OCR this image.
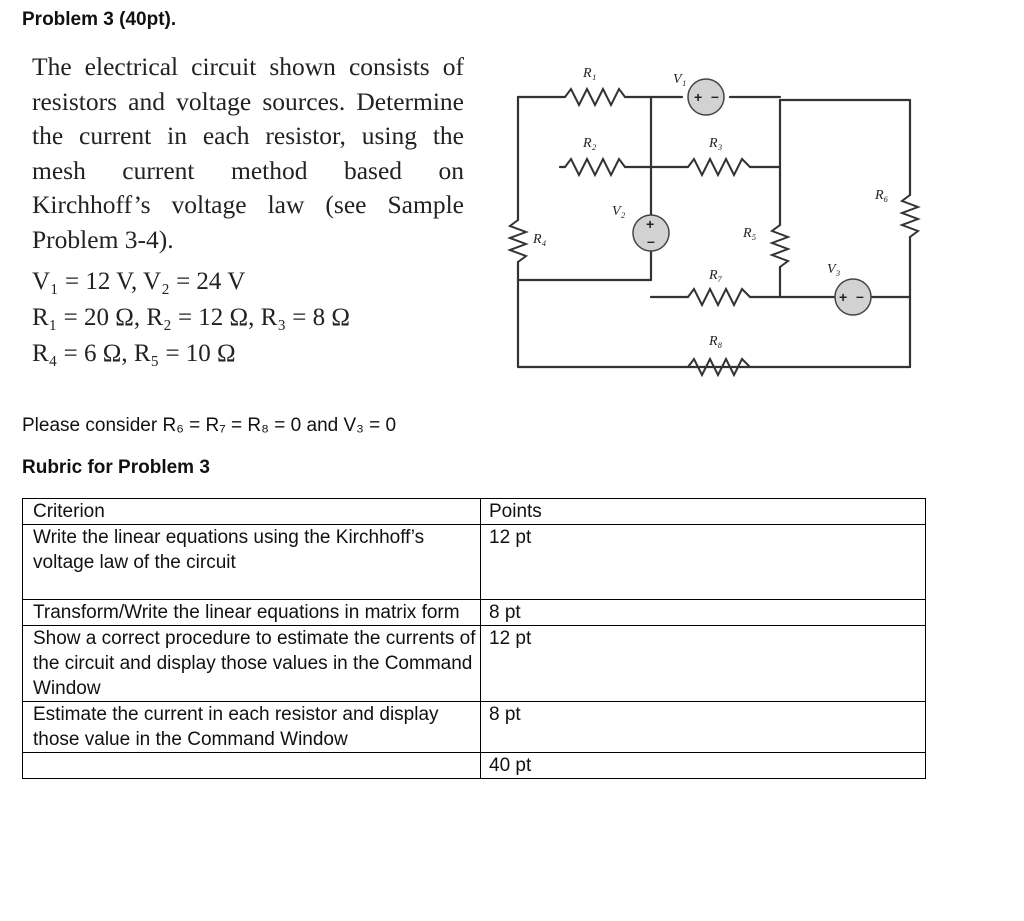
Problem 3 (40pt).
The electrical circuit shown consists of resistors and voltage sources. Determine the current in each resistor, using the mesh current method based on Kirchhoff’s voltage law (see Sample Problem 3-4).
V₁ = 12 V, V₂ = 24 V
R₁ = 20 Ω, R₂ = 12 Ω, R₃ = 8 Ω
R₄ = 6 Ω, R₅ = 10 Ω
+ –
+
–
+ –
R₁
R₂	R₃
R₄	R₅
R₆
R₇
R₈
V₁
V₂
V₃
Please consider R₆ = R₇ = R₈ = 0 and V₃ = 0
Rubric for Problem 3
Criterion	Points
Write the linear equations using the Kirchhoff’s voltage law of the circuit	12 pt
Transform/Write the linear equations in matrix form	8 pt
Show a correct procedure to estimate the currents of the circuit and display those values in the Command Window	12 pt
Estimate the current in each resistor and display those value in the Command Window	8 pt
	40 pt
